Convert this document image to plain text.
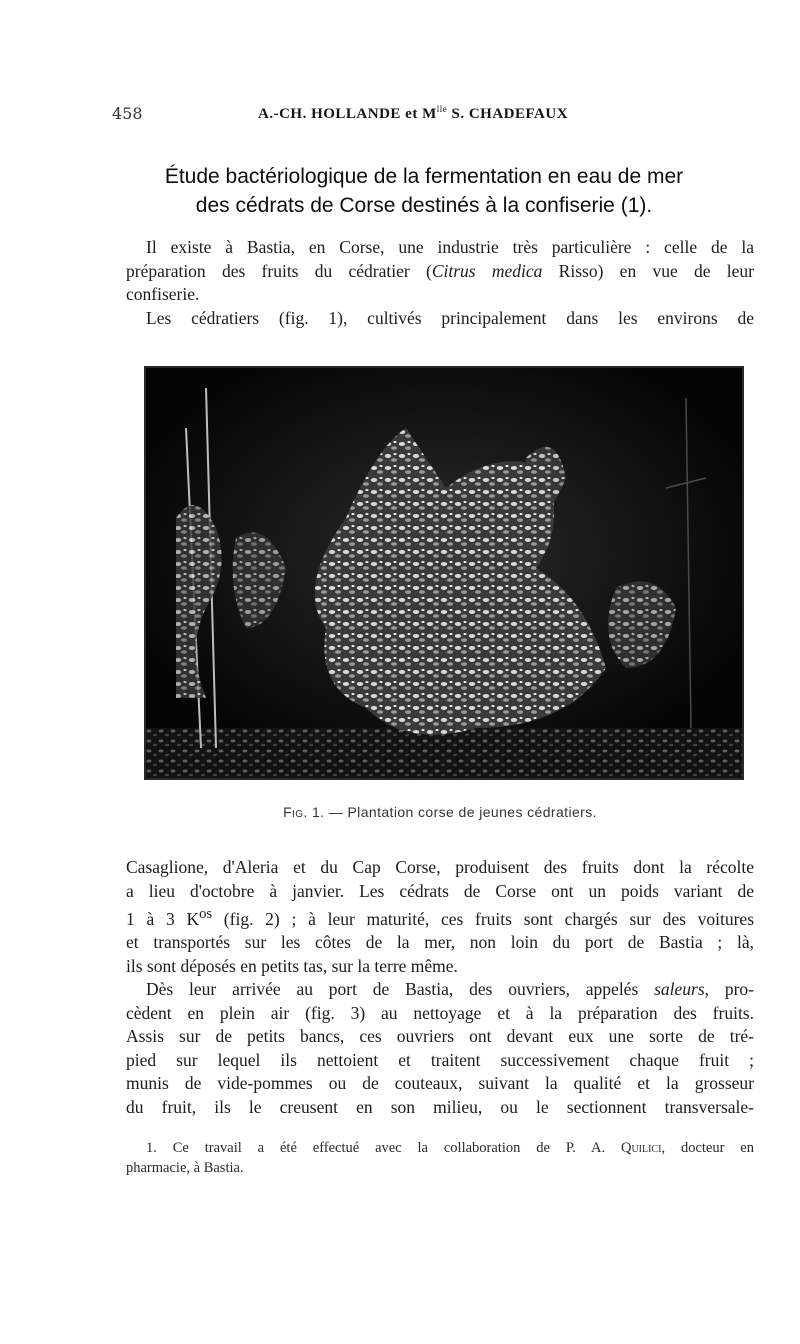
458	A.-CH. HOLLANDE et $M^{lle}$ S. CHADEFAUX
Étude bactériologique de la fermentation en eau de mer
des cédrats de Corse destinés à la confiserie (1).
Il existe à Bastia, en Corse, une industrie très particulière : celle de la
préparation des fruits du cédratier (Citrus medica Risso) en vue de leur
confiserie.
Les cédratiers (fig. 1), cultivés principalement dans les environs de
Fig. 1. — Plantation corse de jeunes cédratiers.
Casaglione, d'Aleria et du Cap Corse, produisent des fruits dont la récolte
a lieu d'octobre à janvier. Les cédrats de Corse ont un poids variant de
1 à 3 $K^{os}$ (fig. 2) ; à leur maturité, ces fruits sont chargés sur des voitures
et transportés sur les côtes de la mer, non loin du port de Bastia ; là,
ils sont déposés en petits tas, sur la terre même.
Dès leur arrivée au port de Bastia, des ouvriers, appelés saleurs, pro-
cèdent en plein air (fig. 3) au nettoyage et à la préparation des fruits.
Assis sur de petits bancs, ces ouvriers ont devant eux une sorte de tré-
pied sur lequel ils nettoient et traitent successivement chaque fruit ;
munis de vide-pommes ou de couteaux, suivant la qualité et la grosseur
du fruit, ils le creusent en son milieu, ou le sectionnent transversale-
1. Ce travail a été effectué avec la collaboration de P. A. Quilici, docteur en
pharmacie, à Bastia.
